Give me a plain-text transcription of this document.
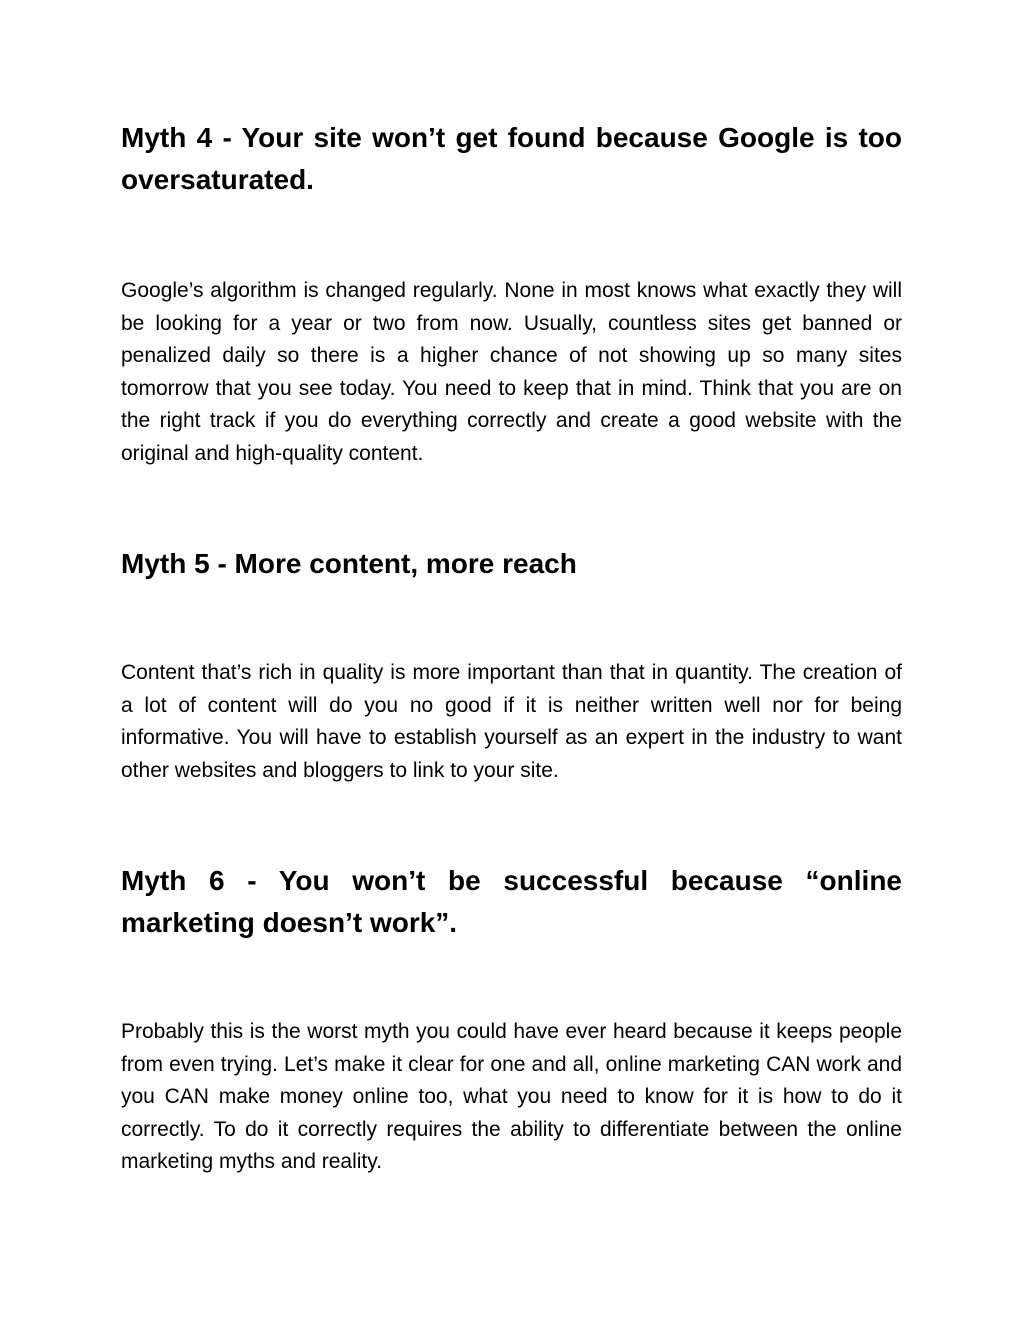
Myth 4 - Your site won’t get found because Google is too oversaturated.

Google’s algorithm is changed regularly. None in most knows what exactly they will be looking for a year or two from now. Usually, countless sites get banned or penalized daily so there is a higher chance of not showing up so many sites tomorrow that you see today. You need to keep that in mind. Think that you are on the right track if you do everything correctly and create a good website with the original and high-quality content.

Myth 5 - More content, more reach

Content that’s rich in quality is more important than that in quantity. The creation of a lot of content will do you no good if it is neither written well nor for being informative. You will have to establish yourself as an expert in the industry to want other websites and bloggers to link to your site.

Myth 6 - You won’t be successful because “online marketing doesn’t work”.

Probably this is the worst myth you could have ever heard because it keeps people from even trying. Let’s make it clear for one and all, online marketing CAN work and you CAN make money online too, what you need to know for it is how to do it correctly. To do it correctly requires the ability to differentiate between the online marketing myths and reality.
